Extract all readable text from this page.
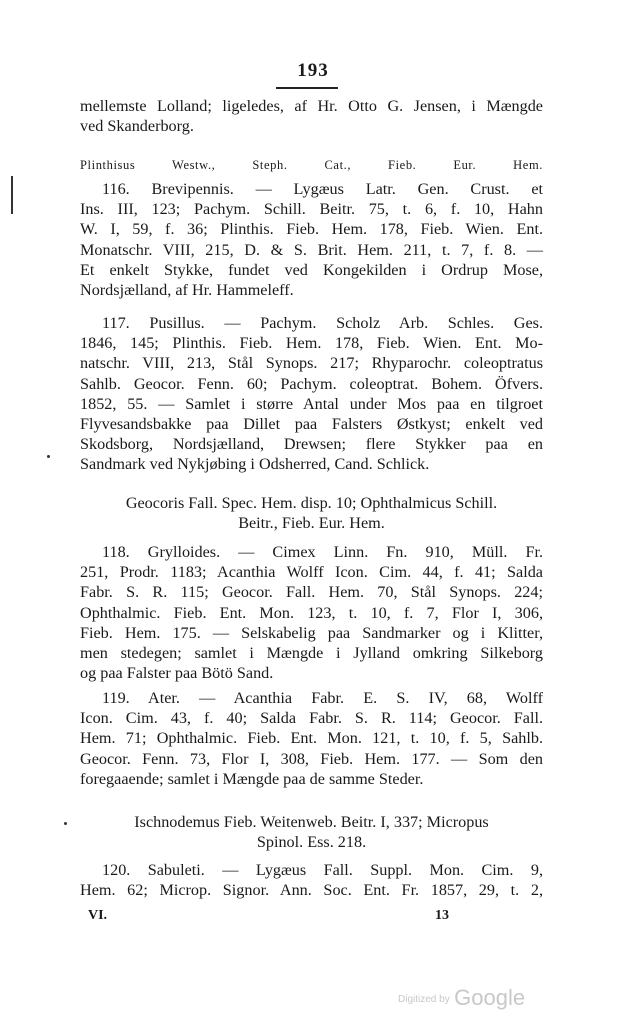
193
mellemste Lolland; ligeledes, af Hr. Otto G. Jensen, i Mængde
ved Skanderborg.
Plinthisus Westw., Steph. Cat., Fieb. Eur. Hem.
116. Brevipennis. — Lygæus Latr. Gen. Crust. et
Ins. III, 123; Pachym. Schill. Beitr. 75, t. 6, f. 10, Hahn
W. I, 59, f. 36; Plinthis. Fieb. Hem. 178, Fieb. Wien. Ent.
Monatschr. VIII, 215, D. & S. Brit. Hem. 211, t. 7, f. 8. —
Et enkelt Stykke, fundet ved Kongekilden i Ordrup Mose,
Nordsjælland, af Hr. Hammeleff.
117. Pusillus. — Pachym. Scholz Arb. Schles. Ges.
1846, 145; Plinthis. Fieb. Hem. 178, Fieb. Wien. Ent. Mo-
natschr. VIII, 213, Stål Synops. 217; Rhyparochr. coleoptratus
Sahlb. Geocor. Fenn. 60; Pachym. coleoptrat. Bohem. Öfvers.
1852, 55. — Samlet i større Antal under Mos paa en tilgroet
Flyvesandsbakke paa Dillet paa Falsters Østkyst; enkelt ved
Skodsborg, Nordsjælland, Drewsen; flere Stykker paa en
Sandmark ved Nykjøbing i Odsherred, Cand. Schlick.
Geocoris Fall. Spec. Hem. disp. 10; Ophthalmicus Schill.
Beitr., Fieb. Eur. Hem.
118. Grylloides. — Cimex Linn. Fn. 910, Müll. Fr.
251, Prodr. 1183; Acanthia Wolff Icon. Cim. 44, f. 41; Salda
Fabr. S. R. 115; Geocor. Fall. Hem. 70, Stål Synops. 224;
Ophthalmic. Fieb. Ent. Mon. 123, t. 10, f. 7, Flor I, 306,
Fieb. Hem. 175. — Selskabelig paa Sandmarker og i Klitter,
men stedegen; samlet i Mængde i Jylland omkring Silkeborg
og paa Falster paa Bötö Sand.
119. Ater. — Acanthia Fabr. E. S. IV, 68, Wolff
Icon. Cim. 43, f. 40; Salda Fabr. S. R. 114; Geocor. Fall.
Hem. 71; Ophthalmic. Fieb. Ent. Mon. 121, t. 10, f. 5, Sahlb.
Geocor. Fenn. 73, Flor I, 308, Fieb. Hem. 177. — Som den
foregaaende; samlet i Mængde paa de samme Steder.
Ischnodemus Fieb. Weitenweb. Beitr. I, 337; Micropus
Spinol. Ess. 218.
120. Sabuleti. — Lygæus Fall. Suppl. Mon. Cim. 9,
Hem. 62; Microp. Signor. Ann. Soc. Ent. Fr. 1857, 29, t. 2,
VI.	13
Digitized by Google
